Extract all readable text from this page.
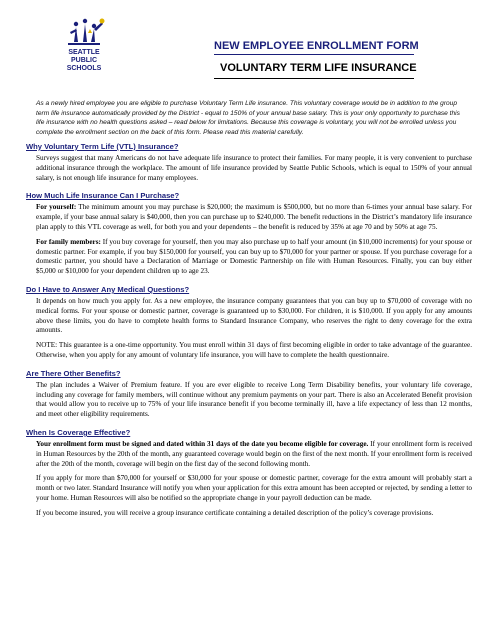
SEATTLE
PUBLIC
SCHOOLS
NEW EMPLOYEE ENROLLMENT FORM
VOLUNTARY TERM LIFE INSURANCE
As a newly hired employee you are eligible to purchase Voluntary Term Life insurance. This voluntary coverage would be in addition to the group term life insurance automatically provided by the District - equal to 150% of your annual base salary. This is your only opportunity to purchase this life insurance with no health questions asked – read below for limitations. Because this coverage is voluntary, you will not be enrolled unless you complete the enrollment section on the back of this form. Please read this material carefully.

Why Voluntary Term Life (VTL) Insurance?

Surveys suggest that many Americans do not have adequate life insurance to protect their families. For many people, it is very convenient to purchase additional insurance through the workplace. The amount of life insurance provided by Seattle Public Schools, which is equal to 150% of your annual salary, is not enough life insurance for many employees.

How Much Life Insurance Can I Purchase?

For yourself: The minimum amount you may purchase is $20,000; the maximum is $500,000, but no more than 6-times your annual base salary. For example, if your base annual salary is $40,000, then you can purchase up to $240,000. The benefit reductions in the District’s mandatory life insurance plan apply to this VTL coverage as well, for both you and your dependents – the benefit is reduced by 35% at age 70 and by 50% at age 75.

For family members: If you buy coverage for yourself, then you may also purchase up to half your amount (in $10,000 increments) for your spouse or domestic partner. For example, if you buy $150,000 for yourself, you can buy up to $70,000 for your partner or spouse. If you purchase coverage for a domestic partner, you should have a Declaration of Marriage or Domestic Partnership on file with Human Resources. Finally, you can buy either $5,000 or $10,000 for your dependent children up to age 23.

Do I Have to Answer Any Medical Questions?

It depends on how much you apply for. As a new employee, the insurance company guarantees that you can buy up to $70,000 of coverage with no medical forms. For your spouse or domestic partner, coverage is guaranteed up to $30,000. For children, it is $10,000. If you apply for any amounts above these limits, you do have to complete health forms to Standard Insurance Company, who reserves the right to deny coverage for the extra amounts.

NOTE: This guarantee is a one-time opportunity. You must enroll within 31 days of first becoming eligible in order to take advantage of the guarantee. Otherwise, when you apply for any amount of voluntary life insurance, you will have to complete the health questionnaire.

Are There Other Benefits?

The plan includes a Waiver of Premium feature. If you are ever eligible to receive Long Term Disability benefits, your voluntary life coverage, including any coverage for family members, will continue without any premium payments on your part. There is also an Accelerated Benefit provision that would allow you to receive up to 75% of your life insurance benefit if you become terminally ill, have a life expectancy of less than 12 months, and meet other eligibility requirements.

When Is Coverage Effective?

Your enrollment form must be signed and dated within 31 days of the date you become eligible for coverage. If your enrollment form is received in Human Resources by the 20th of the month, any guaranteed coverage would begin on the first of the next month. If your enrollment form is received after the 20th of the month, coverage will begin on the first day of the second following month.

If you apply for more than $70,000 for yourself or $30,000 for your spouse or domestic partner, coverage for the extra amount will probably start a month or two later. Standard Insurance will notify you when your application for this extra amount has been accepted or rejected, by sending a letter to your home. Human Resources will also be notified so the appropriate change in your payroll deduction can be made.

If you become insured, you will receive a group insurance certificate containing a detailed description of the policy’s coverage provisions.
